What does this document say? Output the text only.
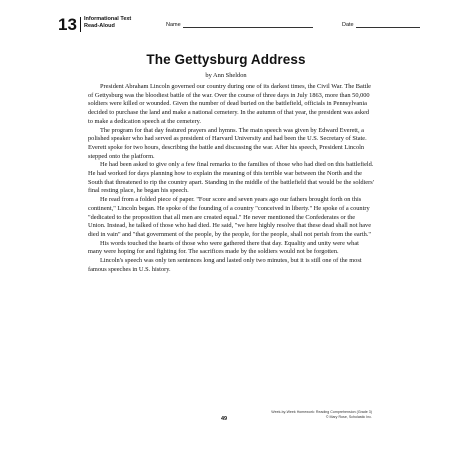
13 Informational Text
Read-Aloud	Name	Date
The Gettysburg Address
by Ann Sheldon

President Abraham Lincoln governed our country during one of its darkest times, the Civil War. The Battle of Gettysburg was the bloodiest battle of the war. Over the course of three days in July 1863, more than 50,000 soldiers were killed or wounded. Given the number of dead buried on the battlefield, officials in Pennsylvania decided to purchase the land and make a national cemetery. In the autumn of that year, the president was asked to make a dedication speech at the cemetery.

The program for that day featured prayers and hymns. The main speech was given by Edward Everett, a polished speaker who had served as president of Harvard University and had been the U.S. Secretary of State. Everett spoke for two hours, describing the battle and discussing the war. After his speech, President Lincoln stepped onto the platform.

He had been asked to give only a few final remarks to the families of those who had died on this battlefield. He had worked for days planning how to explain the meaning of this terrible war between the North and the South that threatened to rip the country apart. Standing in the middle of the battlefield that would be the soldiers' final resting place, he began his speech.

He read from a folded piece of paper. "Four score and seven years ago our fathers brought forth on this continent," Lincoln began. He spoke of the founding of a country "conceived in liberty." He spoke of a country "dedicated to the proposition that all men are created equal." He never mentioned the Confederates or the Union. Instead, he talked of those who had died. He said, "we here highly resolve that these dead shall not have died in vain" and "that government of the people, by the people, for the people, shall not perish from the earth."

His words touched the hearts of those who were gathered there that day. Equality and unity were what many were hoping for and fighting for. The sacrifices made by the soldiers would not be forgotten.

Lincoln's speech was only ten sentences long and lasted only two minutes, but it is still one of the most famous speeches in U.S. history.

49
Week-by-Week Homework: Reading Comprehension (Grade 3)
© Mary Rose, Scholastic Inc.
